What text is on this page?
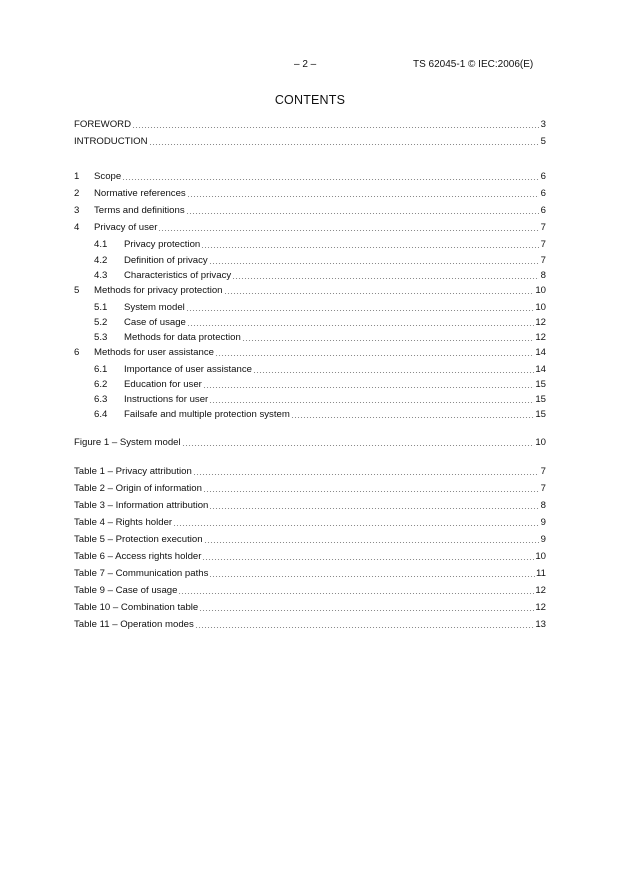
– 2 –	TS 62045-1 © IEC:2006(E)
CONTENTS
FOREWORD	3
INTRODUCTION	5
1	Scope	6
2	Normative references	6
3	Terms and definitions	6
4	Privacy of user	7
4.1	Privacy protection	7
4.2	Definition of privacy	7
4.3	Characteristics of privacy	8
5	Methods for privacy protection	10
5.1	System model	10
5.2	Case of usage	12
5.3	Methods for data protection	12
6	Methods for user assistance	14
6.1	Importance of user assistance	14
6.2	Education for user	15
6.3	Instructions for user	15
6.4	Failsafe and multiple protection system	15
Figure 1 – System model	10
Table 1 – Privacy attribution	7
Table 2 – Origin of information	7
Table 3 – Information attribution	8
Table 4 – Rights holder	9
Table 5 – Protection execution	9
Table 6 – Access rights holder	10
Table 7 – Communication paths	11
Table 9 – Case of usage	12
Table 10 – Combination table	12
Table 11 – Operation modes	13
